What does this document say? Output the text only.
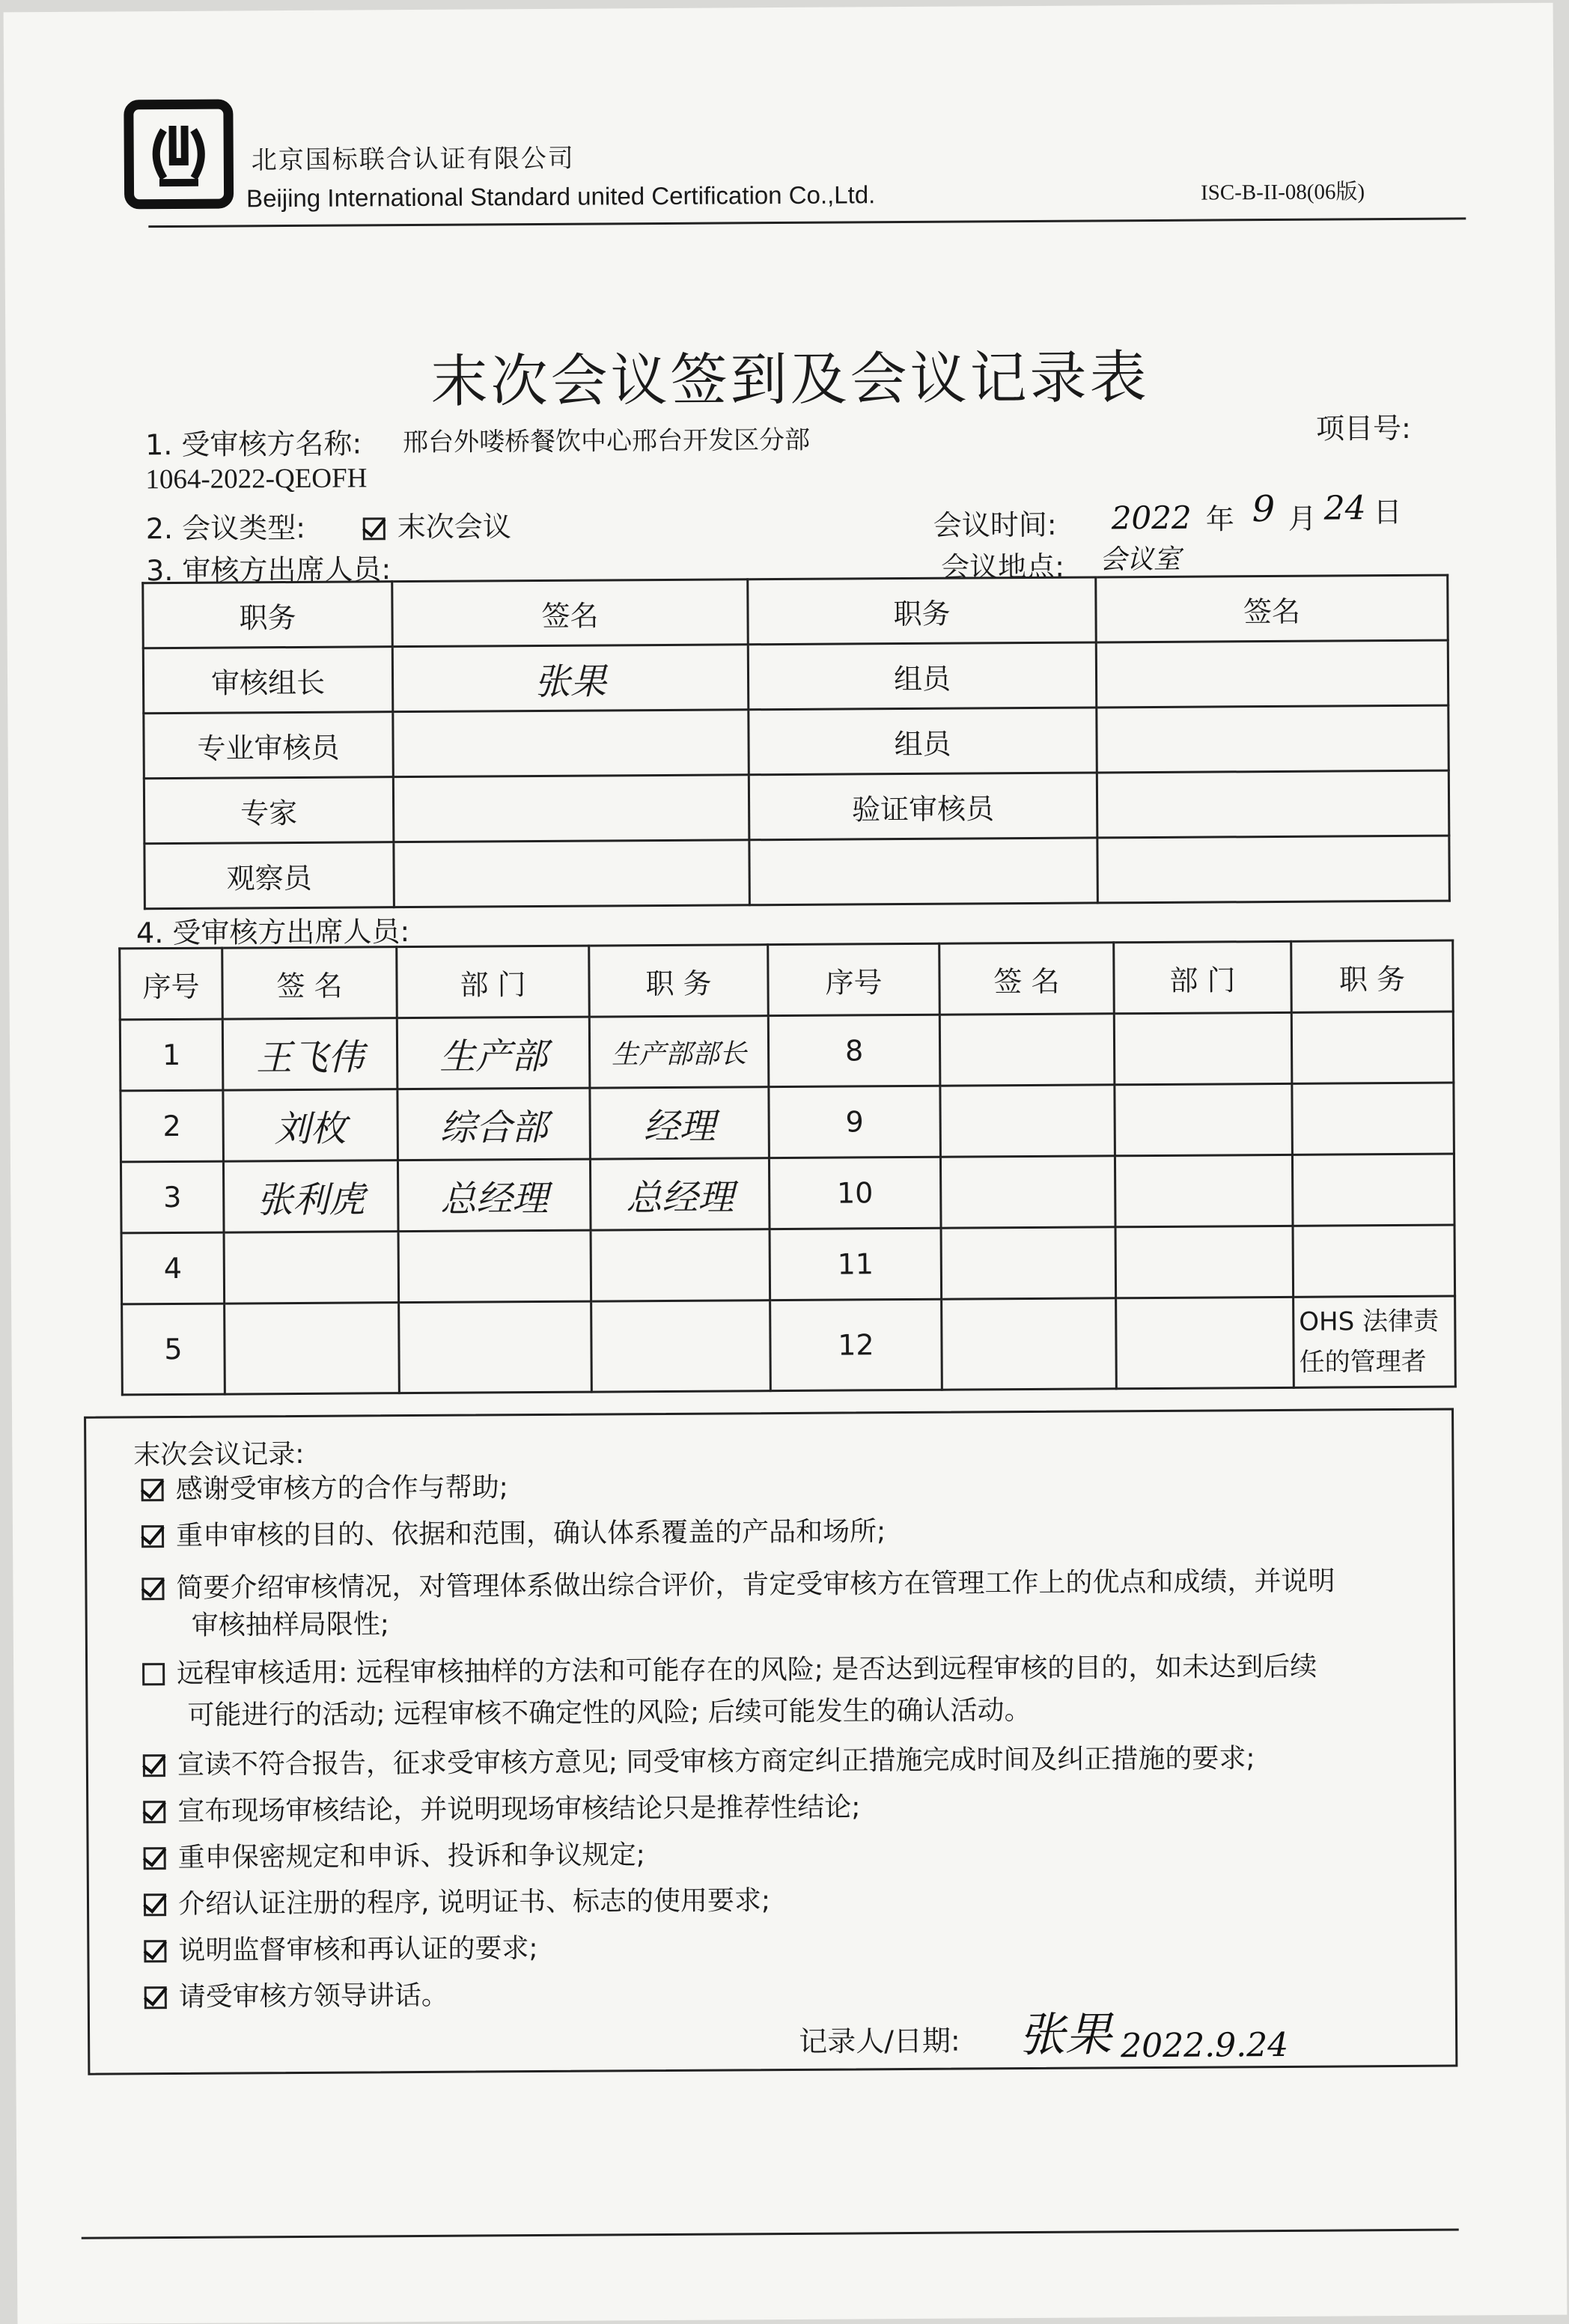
北京国标联合认证有限公司
Beijing International Standard united Certification Co.,Ltd.	ISC-B-II-08(06版)
末次会议签到及会议记录表
1. 受审核方名称: 邢台外喽桥餐饮中心邢台开发区分部	项目号:
1064-2022-QEOFH
2. 会议类型:	末次会议	会议时间: 2022 年 9 月 24 日
3. 审核方出席人员:	会议地点: 会议室
职务	签名	职务	签名
审核组长	张果	组员	
专业审核员		组员	
专家		验证审核员	
观察员			
4. 受审核方出席人员:
序号	签 名	部 门	职 务	序号	签 名	部 门	职 务
1	王飞伟	生产部	生产部部长	8			
2	刘枚	综合部	经理	9			
3	张利虎	总经理	总经理	10			
4				11			
5				12			OHS 法律责任的管理者
末次会议记录:
感谢受审核方的合作与帮助;
重申审核的目的、依据和范围，确认体系覆盖的产品和场所;
简要介绍审核情况，对管理体系做出综合评价，肯定受审核方在管理工作上的优点和成绩，并说明
审核抽样局限性;
远程审核适用: 远程审核抽样的方法和可能存在的风险; 是否达到远程审核的目的，如未达到后续
可能进行的活动; 远程审核不确定性的风险; 后续可能发生的确认活动。
宣读不符合报告，征求受审核方意见; 同受审核方商定纠正措施完成时间及纠正措施的要求;
宣布现场审核结论，并说明现场审核结论只是推荐性结论;
重申保密规定和申诉、投诉和争议规定;
介绍认证注册的程序, 说明证书、标志的使用要求;
说明监督审核和再认证的要求;
请受审核方领导讲话。
记录人/日期: 张果 2022.9.24
